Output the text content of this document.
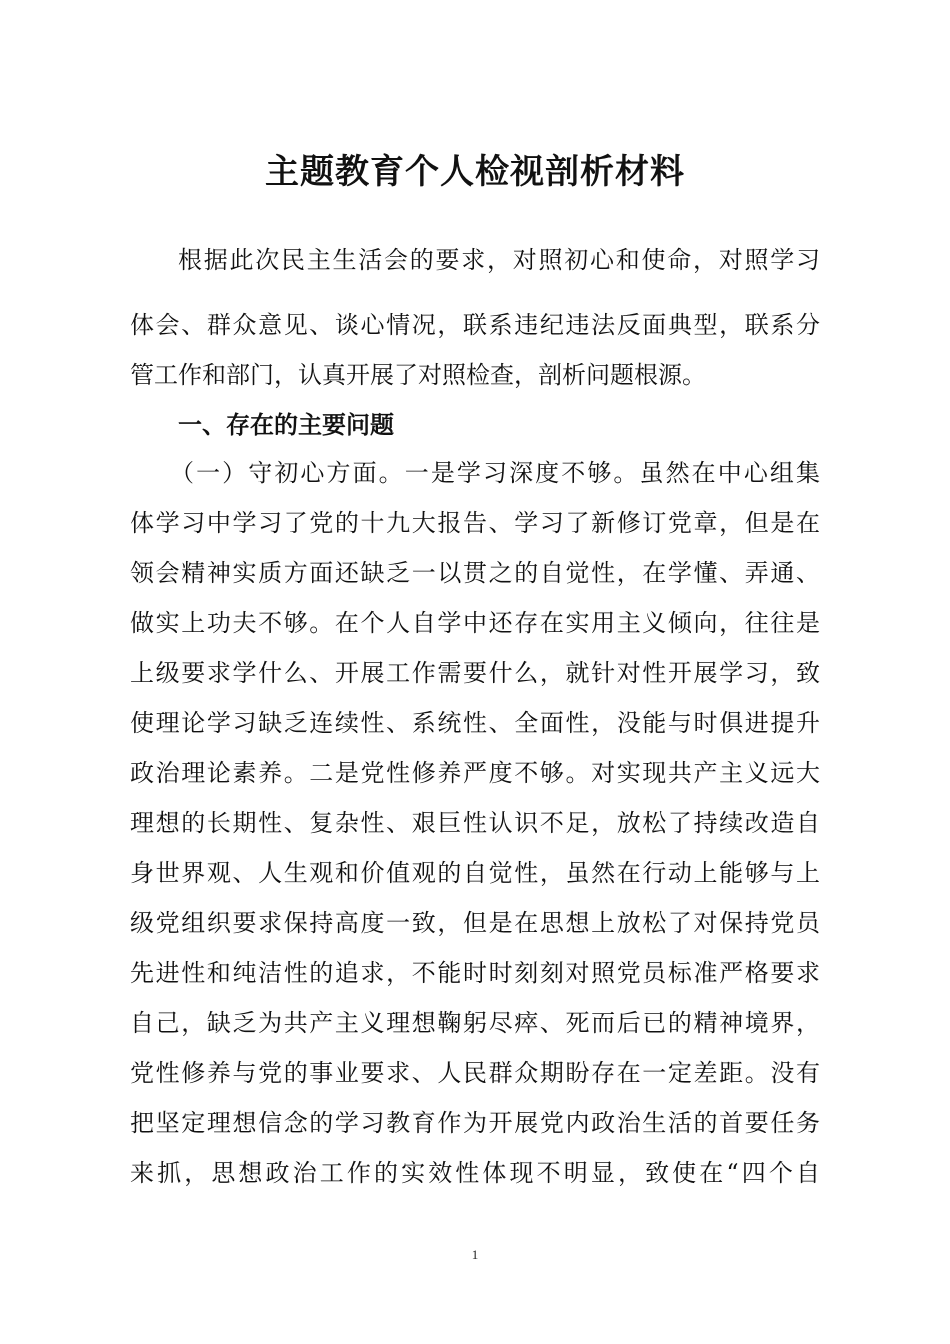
主题教育个人检视剖析材料
根据此次民主生活会的要求，对照初心和使命，对照学习
体会、群众意见、谈心情况，联系违纪违法反面典型，联系分
管工作和部门，认真开展了对照检查，剖析问题根源。
一、存在的主要问题
（一）守初心方面。一是学习深度不够。虽然在中心组集
体学习中学习了党的十九大报告、学习了新修订党章，但是在
领会精神实质方面还缺乏一以贯之的自觉性，在学懂、弄通、
做实上功夫不够。在个人自学中还存在实用主义倾向，往往是
上级要求学什么、开展工作需要什么，就针对性开展学习，致
使理论学习缺乏连续性、系统性、全面性，没能与时俱进提升
政治理论素养。二是党性修养严度不够。对实现共产主义远大
理想的长期性、复杂性、艰巨性认识不足，放松了持续改造自
身世界观、人生观和价值观的自觉性，虽然在行动上能够与上
级党组织要求保持高度一致，但是在思想上放松了对保持党员
先进性和纯洁性的追求，不能时时刻刻对照党员标准严格要求
自己，缺乏为共产主义理想鞠躬尽瘁、死而后已的精神境界，
党性修养与党的事业要求、人民群众期盼存在一定差距。没有
把坚定理想信念的学习教育作为开展党内政治生活的首要任务
来抓，思想政治工作的实效性体现不明显，致使在“四个自
1
